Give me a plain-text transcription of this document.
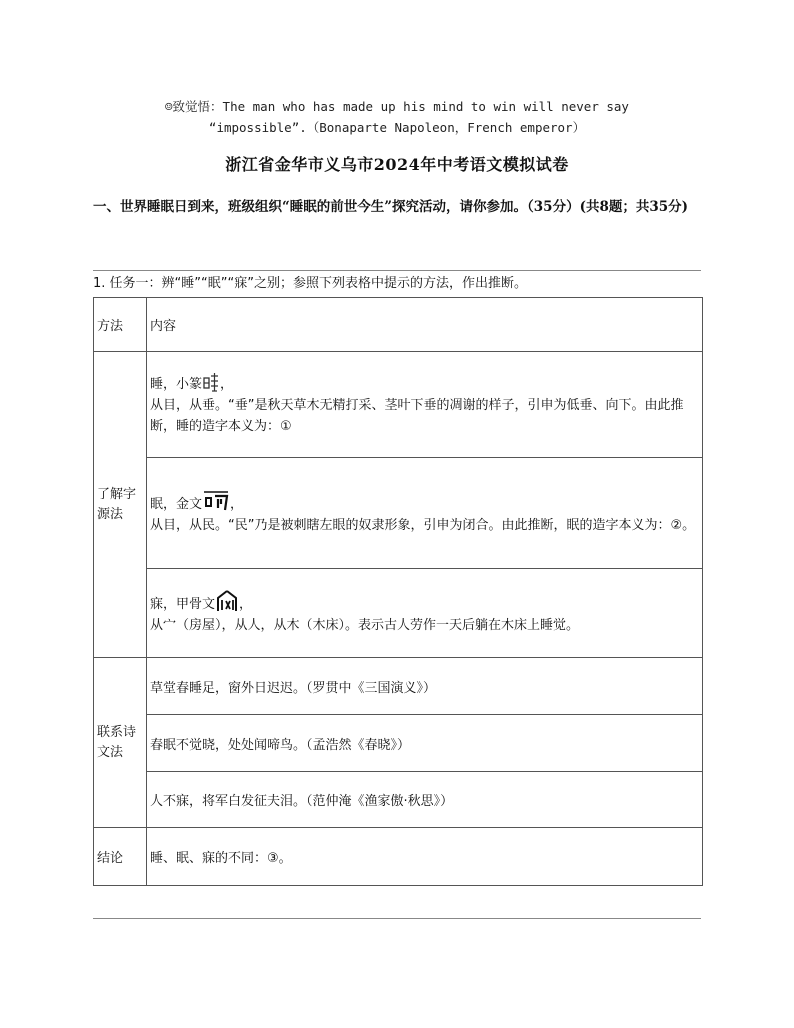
☺致觉悟：The man who has made up his mind to win will never say
“impossible”.（Bonaparte Napoleon，French emperor）
浙江省金华市义乌市2024年中考语文模拟试卷
一、世界睡眠日到来，班级组织“睡眠的前世今生”探究活动，请你参加。（35分）(共8题；共35分)
1. 任务一：辨“睡”“眠”“寐”之别；参照下列表格中提示的方法，作出推断。
方法	内容

了解字源法	睡，小篆 ，
从目，从垂。“垂”是秋天草木无精打采、茎叶下垂的凋谢的样子，引申为低垂、向下。由此推断，睡的造字本义为：①

	眠，金文 ，
从目，从民。“民”乃是被刺瞎左眼的奴隶形象，引申为闭合。由此推断，眠的造字本义为：②。

	寐，甲骨文 ，
从宀（房屋），从人，从木（木床）。表示古人劳作一天后躺在木床上睡觉。

联系诗文法	草堂春睡足，窗外日迟迟。（罗贯中《三国演义》）
	春眠不觉晓，处处闻啼鸟。（孟浩然《春晓》）
	人不寐，将军白发征夫泪。（范仲淹《渔家傲·秋思》）
结论	睡、眠、寐的不同：③。
